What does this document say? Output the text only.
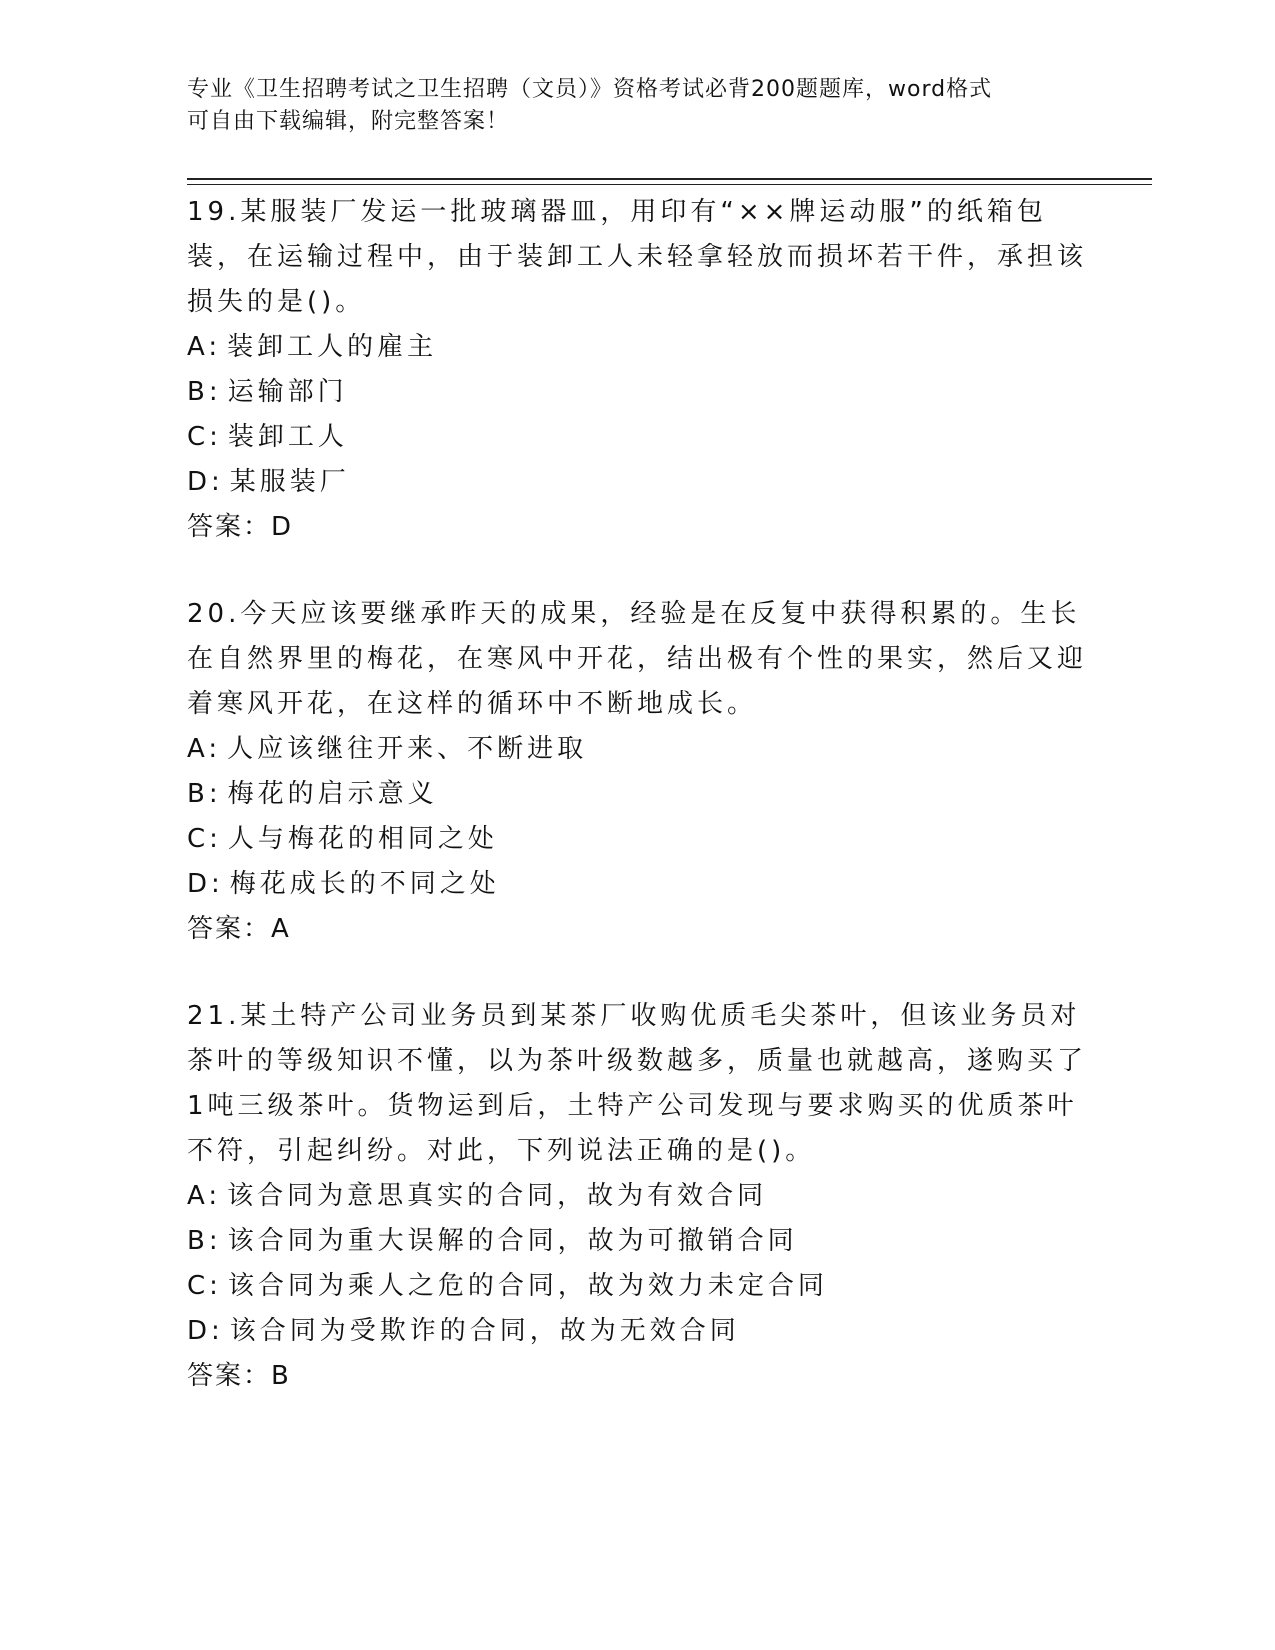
专业《卫生招聘考试之卫生招聘（文员）》资格考试必背200题题库，word格式
可自由下载编辑，附完整答案！

19.某服装厂发运一批玻璃器皿，用印有“××牌运动服”的纸箱包装，在运输过程中，由于装卸工人未轻拿轻放而损坏若干件，承担该损失的是()。

A: 装卸工人的雇主

B: 运输部门

C: 装卸工人

D: 某服装厂

答案：D

20.今天应该要继承昨天的成果，经验是在反复中获得积累的。生长在自然界里的梅花，在寒风中开花，结出极有个性的果实，然后又迎着寒风开花，在这样的循环中不断地成长。

A: 人应该继往开来、不断进取

B: 梅花的启示意义

C: 人与梅花的相同之处

D: 梅花成长的不同之处

答案：A

21.某土特产公司业务员到某茶厂收购优质毛尖茶叶，但该业务员对茶叶的等级知识不懂，以为茶叶级数越多，质量也就越高，遂购买了1吨三级茶叶。货物运到后，土特产公司发现与要求购买的优质茶叶不符，引起纠纷。对此，下列说法正确的是()。

A: 该合同为意思真实的合同，故为有效合同

B: 该合同为重大误解的合同，故为可撤销合同

C: 该合同为乘人之危的合同，故为效力未定合同

D: 该合同为受欺诈的合同，故为无效合同

答案：B
